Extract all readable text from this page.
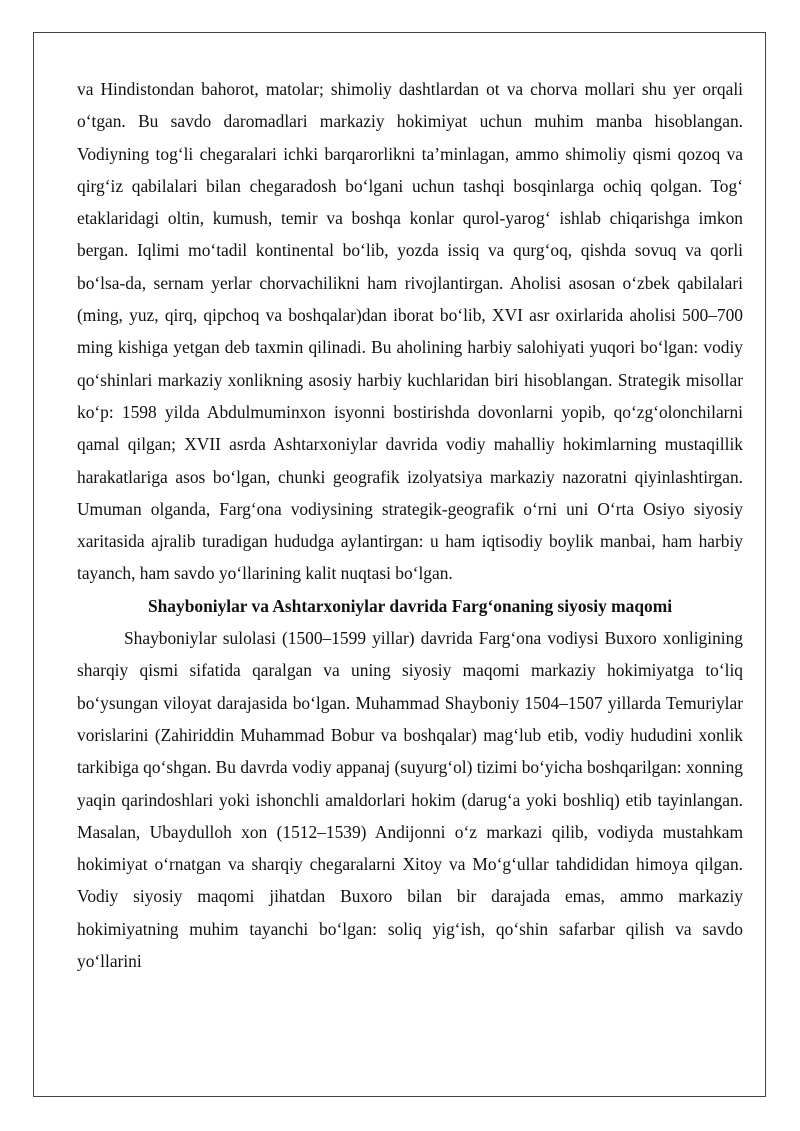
va Hindistondan bahorot, matolar; shimoliy dashtlardan ot va chorva mollari shu yer orqali o‘tgan. Bu savdo daromadlari markaziy hokimiyat uchun muhim manba hisoblangan. Vodiyning tog‘li chegaralari ichki barqarorlikni ta’minlagan, ammo shimoliy qismi qozoq va qirg‘iz qabilalari bilan chegaradosh bo‘lgani uchun tashqi bosqinlarga ochiq qolgan. Tog‘ etaklaridagi oltin, kumush, temir va boshqa konlar qurol-yarog‘ ishlab chiqarishga imkon bergan. Iqlimi mo‘tadil kontinental bo‘lib, yozda issiq va qurg‘oq, qishda sovuq va qorli bo‘lsa-da, sernam yerlar chorvachilikni ham rivojlantirgan. Aholisi asosan o‘zbek qabilalari (ming, yuz, qirq, qipchoq va boshqalar)dan iborat bo‘lib, XVI asr oxirlarida aholisi 500–700 ming kishiga yetgan deb taxmin qilinadi. Bu aholining harbiy salohiyati yuqori bo‘lgan: vodiy qo‘shinlari markaziy xonlikning asosiy harbiy kuchlaridan biri hisoblangan. Strategik misollar ko‘p: 1598 yilda Abdulmuminxon isyonni bostirishda dovonlarni yopib, qo‘zg‘olonchilarni qamal qilgan; XVII asrda Ashtarxoniylar davrida vodiy mahalliy hokimlarning mustaqillik harakatlariga asos bo‘lgan, chunki geografik izolyatsiya markaziy nazoratni qiyinlashtirgan. Umuman olganda, Farg‘ona vodiysining strategik-geografik o‘rni uni O‘rta Osiyo siyosiy xaritasida ajralib turadigan hududga aylantirgan: u ham iqtisodiy boylik manbai, ham harbiy tayanch, ham savdo yo‘llarining kalit nuqtasi bo‘lgan.

Shayboniylar va Ashtarxoniylar davrida Farg‘onaning siyosiy maqomi

Shayboniylar sulolasi (1500–1599 yillar) davrida Farg‘ona vodiysi Buxoro xonligining sharqiy qismi sifatida qaralgan va uning siyosiy maqomi markaziy hokimiyatga to‘liq bo‘ysungan viloyat darajasida bo‘lgan. Muhammad Shayboniy 1504–1507 yillarda Temuriylar vorislarini (Zahiriddin Muhammad Bobur va boshqalar) mag‘lub etib, vodiy hududini xonlik tarkibiga qo‘shgan. Bu davrda vodiy appanaj (suyurg‘ol) tizimi bo‘yicha boshqarilgan: xonning yaqin qarindoshlari yoki ishonchli amaldorlari hokim (darug‘a yoki boshliq) etib tayinlangan. Masalan, Ubaydulloh xon (1512–1539) Andijonni o‘z markazi qilib, vodiyda mustahkam hokimiyat o‘rnatgan va sharqiy chegaralarni Xitoy va Mo‘g‘ullar tahdididan himoya qilgan. Vodiy siyosiy maqomi jihatdan Buxoro bilan bir darajada emas, ammo markaziy hokimiyatning muhim tayanchi bo‘lgan: soliq yig‘ish, qo‘shin safarbar qilish va savdo yo‘llarini
